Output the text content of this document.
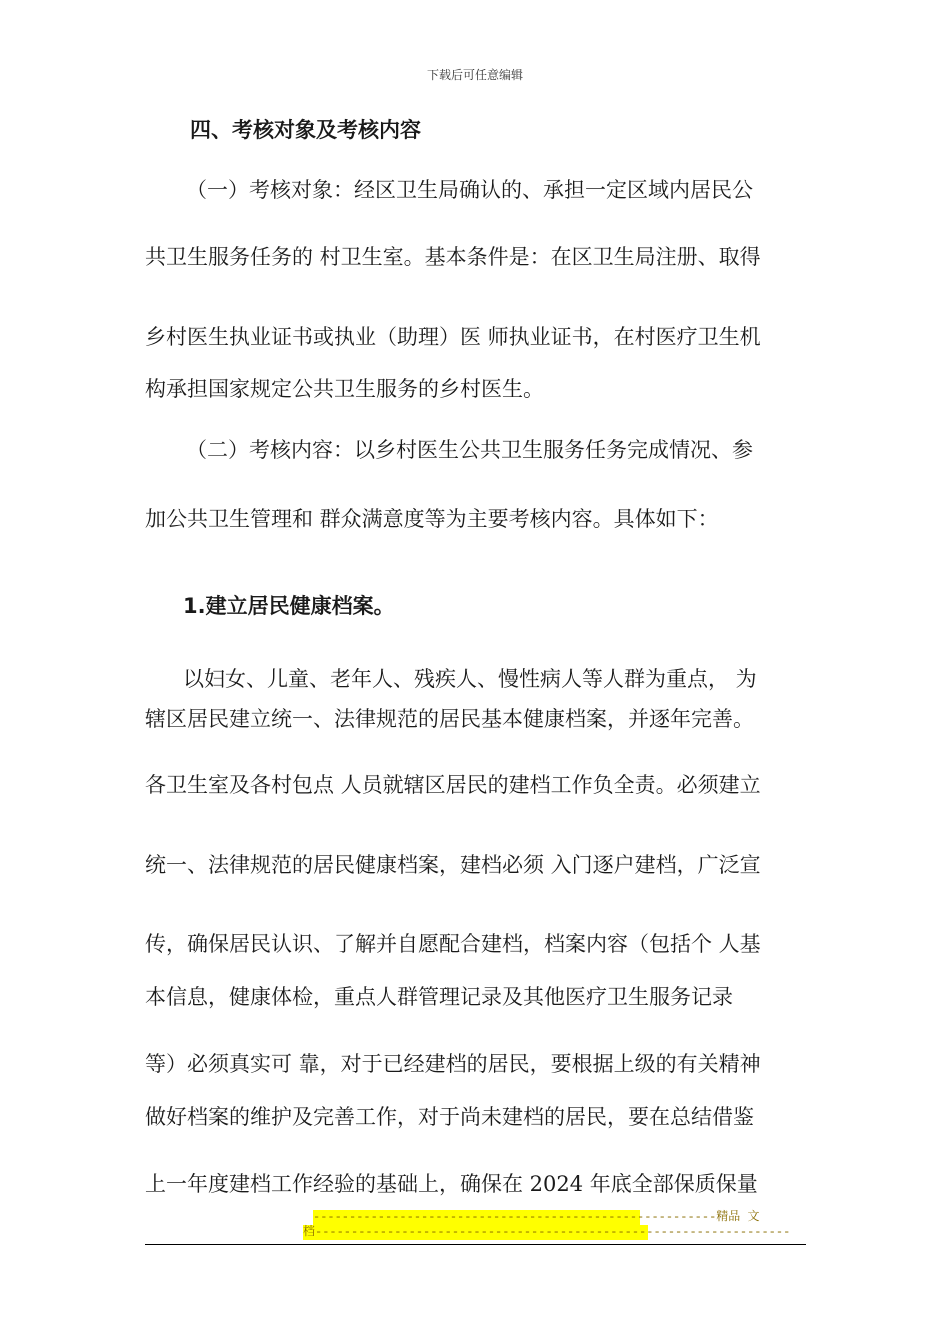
下载后可任意编辑
四、考核对象及考核内容
（一）考核对象：经区卫生局确认的、承担一定区域内居民公
共卫生服务任务的 村卫生室。基本条件是：在区卫生局注册、取得
乡村医生执业证书或执业（助理）医 师执业证书，在村医疗卫生机
构承担国家规定公共卫生服务的乡村医生。
（二）考核内容：以乡村医生公共卫生服务任务完成情况、参
加公共卫生管理和 群众满意度等为主要考核内容。具体如下：
1.建立居民健康档案。
以妇女、儿童、老年人、残疾人、慢性病人等人群为重点， 为
辖区居民建立统一、法律规范的居民基本健康档案，并逐年完善。
各卫生室及各村包点 人员就辖区居民的建档工作负全责。必须建立
统一、法律规范的居民健康档案，建档必须 入门逐户建档，广泛宣
传，确保居民认识、了解并自愿配合建档，档案内容（包括个 人基
本信息，健康体检，重点人群管理记录及其他医疗卫生服务记录
等）必须真实可 靠，对于已经建档的居民，要根据上级的有关精神
做好档案的维护及完善工作，对于尚未建档的居民，要在总结借鉴
上一年度建档工作经验的基础上，确保在 2024 年底全部保质保量
--------------------------------------------------------精品 文
档------------------------------------------------------------------
